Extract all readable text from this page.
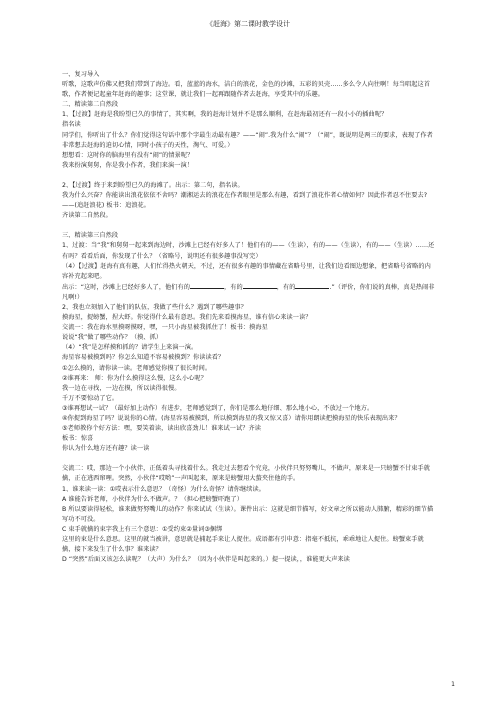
《赶海》第二课时教学设计

一、复习导入

听歌，这歌声仿佛又把我们带到了海边。看，蓝蓝的海水，洁白的浪花，金色的沙滩，五彩的贝壳……多么令人向往啊！每当唱起这首歌，作者便记起童年赶海的趣事；这堂课，就让我们一起再跟随作者去赶海，享受其中的乐趣。

二、精读第二自然段

1、【过渡】赶海是我盼望已久的事情了，其实啊，我的赶海计划并不是那么顺利，在赶海最初还有一段小小的插曲呢？

指名读

同学们，你听出了什么？你们觉得这句话中那个字最生动最有趣？——“闹”.我为什么“闹”？（“闹”，既说明是两三的要求，表现了作者非常想去赶海的迫切心情，同时小孩子的天性，淘气、可爱。）

想想看：这时你的脑海里有没有“闹”的情景呢？

我来扮演舅舅，你是我小作者，我们来演一演！

2、【过渡】终于来到盼望已久的海滩了。出示：第二句，指名读。

我为什么兴奋？你能读出浪花依依不舍吗？潮湘运去的浪花在作者眼里是那么有趣，看到了浪花作者心情如何？因此作者忍不住要去?——(追赶浪花) 板书：追浪花。

齐读第二自然段。

三、精读第三自然段

1、过渡：当“我”和舅舅一起来到海边时，沙滩上已经有好多人了！他们有的——（生读），有的——（生读），有的——（生读）……还有吗？看看后面，你发现了什么？（省略号，说明还有很多趣事没写完）

（4）【过渡】赶海有真有趣，人们忙得热火朝天，不过，还有很多有趣的事情藏在省略号里，让我们边看图边想象，把省略号省略的内容补充起来吧。

出示：“这时，沙滩上已经好多人了，他们有的	，有的	，有的	.”（评价，你们说的真棒，真是热闹非凡啊!）

2、我也立刻加入了他们的队伍，我做了些什么？遇到了哪些趣事？

摸海星，捉螃蟹，捏大虾。你觉得什么最有意思。我们先来看摸海星，谁有信心来读一读？

交流一：我在海水里摸呀摸呀，嘿，一只小海星被我抓住了！板书：摸海星

说说“我”做了哪些动作？（摸、抓）

（4）“我”是怎样摸和抓的？请学生上来演一演。

海星容易被摸到吗？你怎么知道不容易被摸到？你读读看？

①怎么摸的，请你读一读。老师感觉你摸了很长时间。

②谁再来： 师：你为什么摸得这么慢，这么小心呢？

我一边在寻找，一边在摸，所以读得很慢。

千万不要惊动了它。

③谁再想试一试？（最好加上动作）有进步，老师感觉到了，你们是那么地仔细、那么地小心，不放过一个地方。

④你捉到海星了吗？说说你的心情。(海星容易被摸到，所以摸到海星的我又惊又喜）请你用朗读把摸海星的快乐表现出来？

⑤老师教你个好方法：嘿，要笑着读，读出欣喜劲儿！谁来试一试？齐读

板书：惊喜

你认为什么地方还有趣？读一读

交流二：哎，那边一个小伙伴，正低着头寻找着什么。我走过去想看个究竟，小伙伴只努努嘴儿，不做声，原来是一只螃蟹不甘束手就擒，正在逃西窜哩。突然，小伙伴“哎哟”一声叫起来，原来是螃蟹用大螯夹住他的手。

1、谁来读一读：①哎表示什么意思？（奇怪）为什么奇怪？请你继续读。

A 谁能告诉老师，小伙伴为什么不做声。？（担心把螃蟹吓跑了）

B 所以要读得轻松，谁来做努努嘴儿的动作？你来试试（生读）。课件出示：这就是细节描写，好文章之所以能动人肺腑，精彩的细节描写功不可没。

C 束手就擒的束字我上有三个意思：①受约束②量词③捆绑

这里的束是什么意思。这里的就当被讲，意思就是捕起手来让人捉住。成语都有引申意：指毫不抵抗，乖乖地让人捉住。螃蟹束手就擒，接下来发生了什么事？谁来读？

D “突然”后面又该怎么读呢？（大声）为什么？（因为小伙伴是叫起来的。）提一提读，，谁能更大声来读

1
